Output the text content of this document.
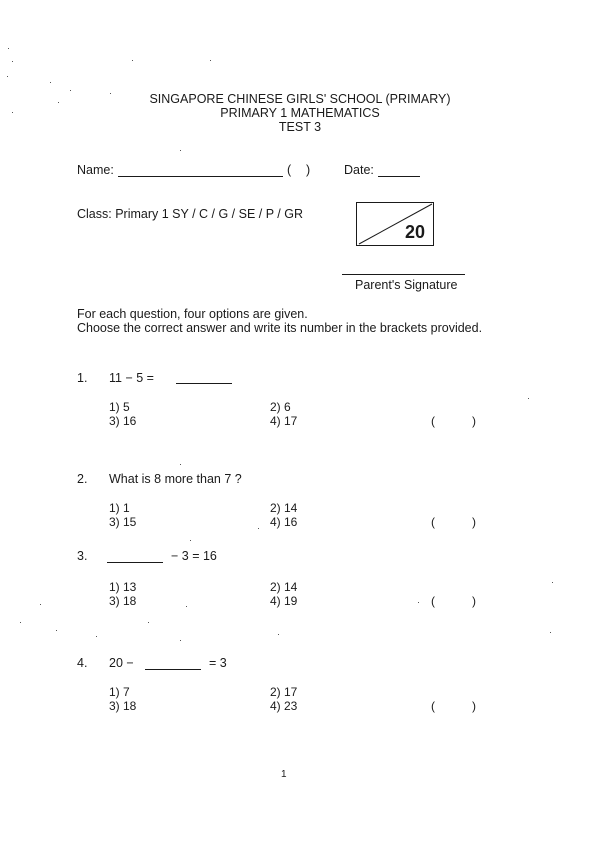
SINGAPORE CHINESE GIRLS' SCHOOL (PRIMARY)
PRIMARY 1 MATHEMATICS
TEST 3
Name:	( )	Date:
Class: Primary 1 SY / C / G / SE / P / GR
20
Parent's Signature
For each question, four options are given.
Choose the correct answer and write its number in the brackets provided.
1. 11 − 5 =
1) 5	2) 6
3) 16	4) 17	(	)
2. What is 8 more than 7 ?
1) 1	2) 14
3) 15	4) 16	(	)
3.	− 3 = 16
1) 13	2) 14
3) 18	4) 19	(	)
4. 20 −	= 3
1) 7	2) 17
3) 18	4) 23	(	)
1
